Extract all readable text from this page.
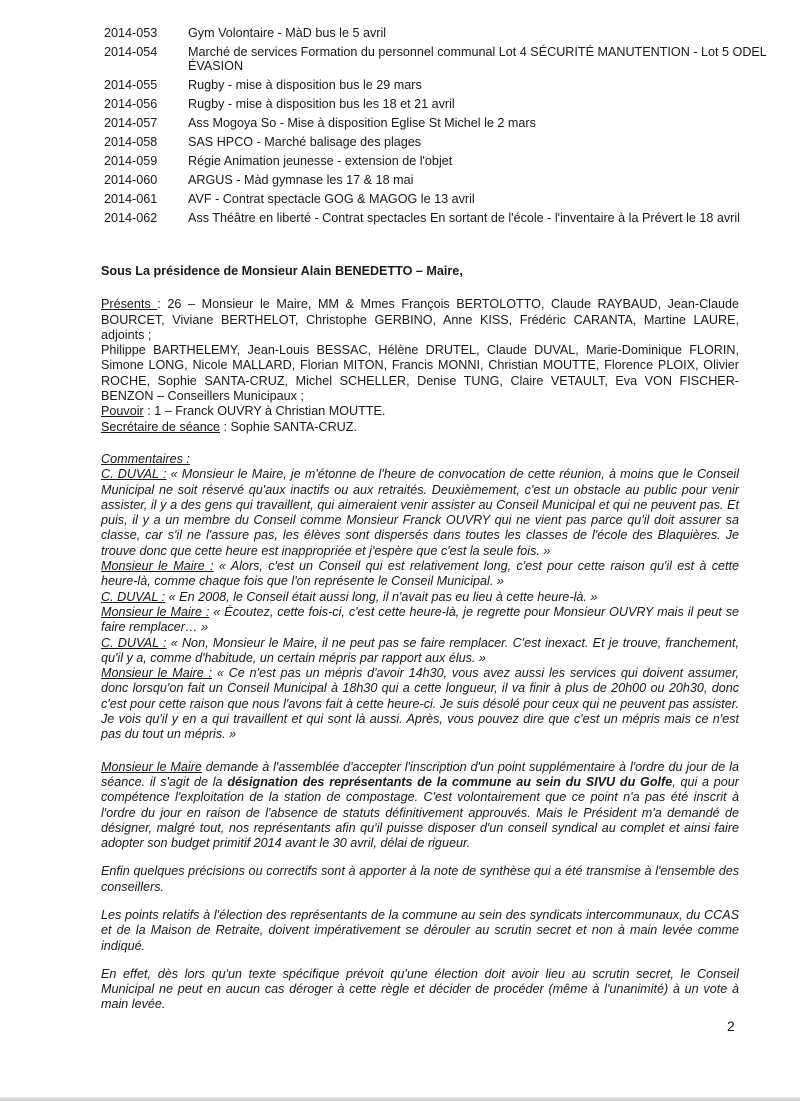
2014-053	Gym Volontaire - MàD bus le 5 avril
2014-054	Marché de services Formation du personnel communal Lot 4 SÉCURITÉ MANUTENTION - Lot 5 ODEL ÉVASION
2014-055	Rugby - mise à disposition bus le 29 mars
2014-056	Rugby - mise à disposition bus les 18 et 21 avril
2014-057	Ass Mogoya So - Mise à disposition Eglise St Michel le 2 mars
2014-058	SAS HPCO - Marché balisage des plages
2014-059	Régie Animation jeunesse - extension de l'objet
2014-060	ARGUS - Màd gymnase les 17 & 18 mai
2014-061	AVF - Contrat spectacle GOG & MAGOG le 13 avril
2014-062	Ass Théâtre en liberté - Contrat spectacles En sortant de l'école - l'inventaire à la Prévert le 18 avril

Sous La présidence de Monsieur Alain BENEDETTO – Maire,

Présents : 26 – Monsieur le Maire, MM & Mmes François BERTOLOTTO, Claude RAYBAUD, Jean-Claude BOURCET, Viviane BERTHELOT, Christophe GERBINO, Anne KISS, Frédéric CARANTA, Martine LAURE, adjoints ;

Philippe BARTHELEMY, Jean-Louis BESSAC, Hélène DRUTEL, Claude DUVAL, Marie-Dominique FLORIN, Simone LONG, Nicole MALLARD, Florian MITON, Francis MONNI, Christian MOUTTE, Florence PLOIX, Olivier ROCHE, Sophie SANTA-CRUZ, Michel SCHELLER, Denise TUNG, Claire VETAULT, Eva VON FISCHER-BENZON – Conseillers Municipaux ;

Pouvoir : 1 – Franck OUVRY à Christian MOUTTE.

Secrétaire de séance : Sophie SANTA-CRUZ.

Commentaires :

C. DUVAL : « Monsieur le Maire, je m'étonne de l'heure de convocation de cette réunion, à moins que le Conseil Municipal ne soit réservé qu'aux inactifs ou aux retraités. Deuxièmement, c'est un obstacle au public pour venir assister, il y a des gens qui travaillent, qui aimeraient venir assister au Conseil Municipal et qui ne peuvent pas. Et puis, il y a un membre du Conseil comme Monsieur Franck OUVRY qui ne vient pas parce qu'il doit assurer sa classe, car s'il ne l'assure pas, les élèves sont dispersés dans toutes les classes de l'école des Blaquières. Je trouve donc que cette heure est inappropriée et j'espère que c'est la seule fois. »

Monsieur le Maire : « Alors, c'est un Conseil qui est relativement long, c'est pour cette raison qu'il est à cette heure-là, comme chaque fois que l'on représente le Conseil Municipal. »

C. DUVAL : « En 2008, le Conseil était aussi long, il n'avait pas eu lieu à cette heure-là. »

Monsieur le Maire : « Écoutez, cette fois-ci, c'est cette heure-là, je regrette pour Monsieur OUVRY mais il peut se faire remplacer… »

C. DUVAL : « Non, Monsieur le Maire, il ne peut pas se faire remplacer. C'est inexact. Et je trouve, franchement, qu'il y a, comme d'habitude, un certain mépris par rapport aux élus. »

Monsieur le Maire : « Ce n'est pas un mépris d'avoir 14h30, vous avez aussi les services qui doivent assumer, donc lorsqu'on fait un Conseil Municipal à 18h30 qui a cette longueur, il va finir à plus de 20h00 ou 20h30, donc c'est pour cette raison que nous l'avons fait à cette heure-ci. Je suis désolé pour ceux qui ne peuvent pas assister. Je vois qu'il y en a qui travaillent et qui sont là aussi. Après, vous pouvez dire que c'est un mépris mais ce n'est pas du tout un mépris. »

Monsieur le Maire demande à l'assemblée d'accepter l'inscription d'un point supplémentaire à l'ordre du jour de la séance. il s'agit de la désignation des représentants de la commune au sein du SIVU du Golfe, qui a pour compétence l'exploitation de la station de compostage. C'est volontairement que ce point n'a pas été inscrit à l'ordre du jour en raison de l'absence de statuts définitivement approuvés. Mais le Président m'a demandé de désigner, malgré tout, nos représentants afin qu'il puisse disposer d'un conseil syndical au complet et ainsi faire adopter son budget primitif 2014 avant le 30 avril, délai de rigueur.

Enfin quelques précisions ou correctifs sont à apporter à la note de synthèse qui a été transmise à l'ensemble des conseillers.

Les points relatifs à l'élection des représentants de la commune au sein des syndicats intercommunaux, du CCAS et de la Maison de Retraite, doivent impérativement se dérouler au scrutin secret et non à main levée comme indiqué.

En effet, dès lors qu'un texte spécifique prévoit qu'une élection doit avoir lieu au scrutin secret, le Conseil Municipal ne peut en aucun cas déroger à cette règle et décider de procéder (même à l'unanimité) à un vote à main levée.

2
